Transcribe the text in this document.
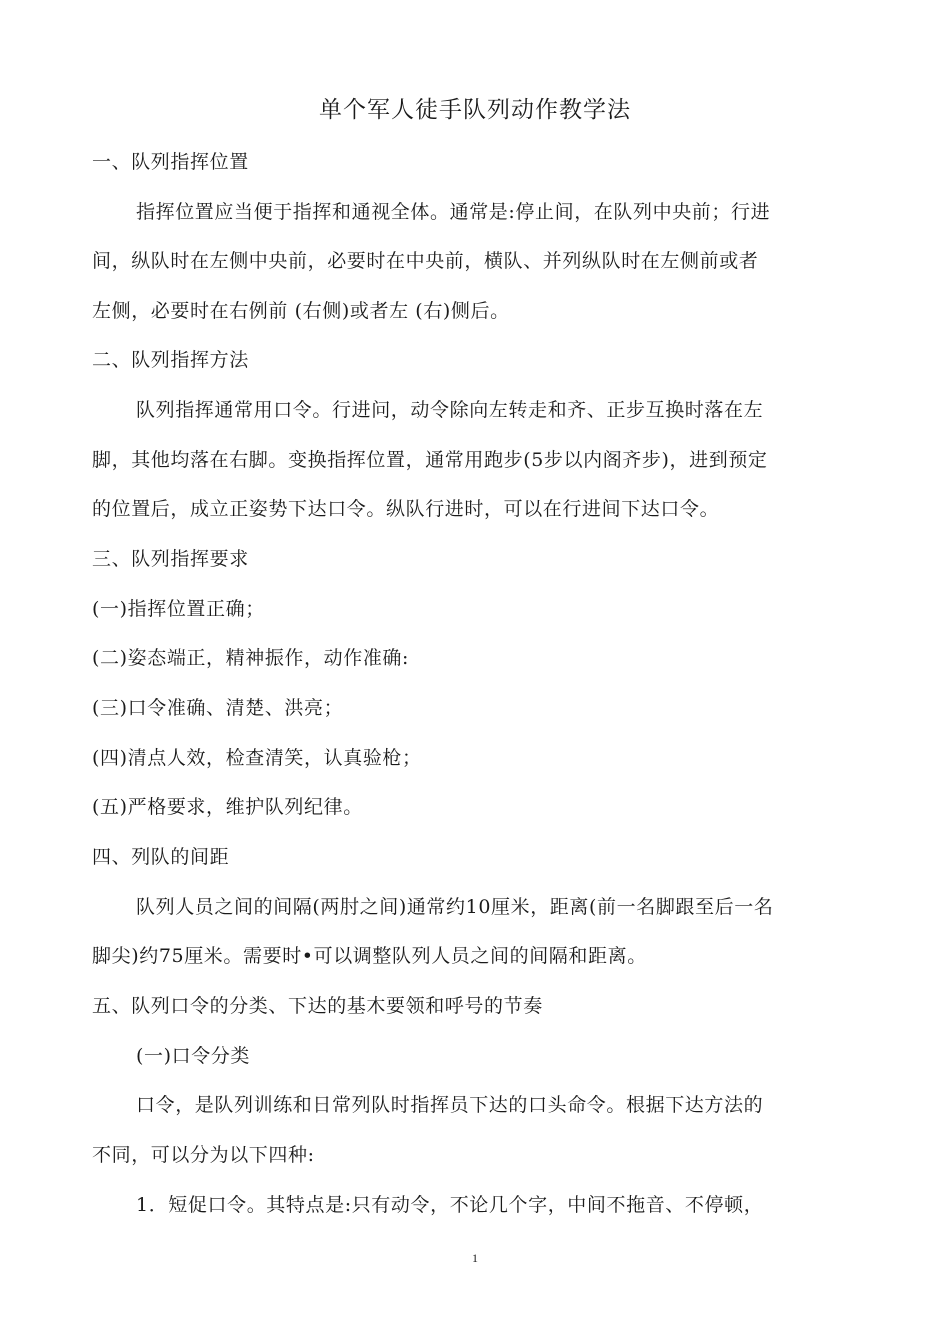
单个军人徒手队列动作教学法
一、队列指挥位置
指挥位置应当便于指挥和通视全体。通常是:停止间，在队列中央前；行进
间，纵队时在左侧中央前，必要时在中央前，横队、并列纵队时在左侧前或者
左侧，必要时在右例前 (右侧)或者左 (右)侧后。
二、队列指挥方法
队列指挥通常用口令。行进问，动令除向左转走和齐、正步互换时落在左
脚，其他均落在右脚。变换指挥位置，通常用跑步(5步以内阁齐步)，进到预定
的位置后，成立正姿势下达口令。纵队行进时，可以在行进间下达口令。
三、队列指挥要求
(一)指挥位置正确；
(二)姿态端正，精神振作，动作准确:
(三)口令准确、清楚、洪亮；
(四)清点人效，检查清笑，认真验枪；
(五)严格要求，维护队列纪律。
四、列队的间距
队列人员之间的间隔(两肘之间)通常约10厘米，距离(前一名脚跟至后一名
脚尖)约75厘米。需要时•可以调整队列人员之间的间隔和距离。
五、队列口令的分类、下达的基木要领和呼号的节奏
(一)口令分类
口令，是队列训练和日常列队时指挥员下达的口头命令。根据下达方法的
不同，可以分为以下四种:
1．短促口令。其特点是:只有动令，不论几个字，中间不拖音、不停顿，
1
